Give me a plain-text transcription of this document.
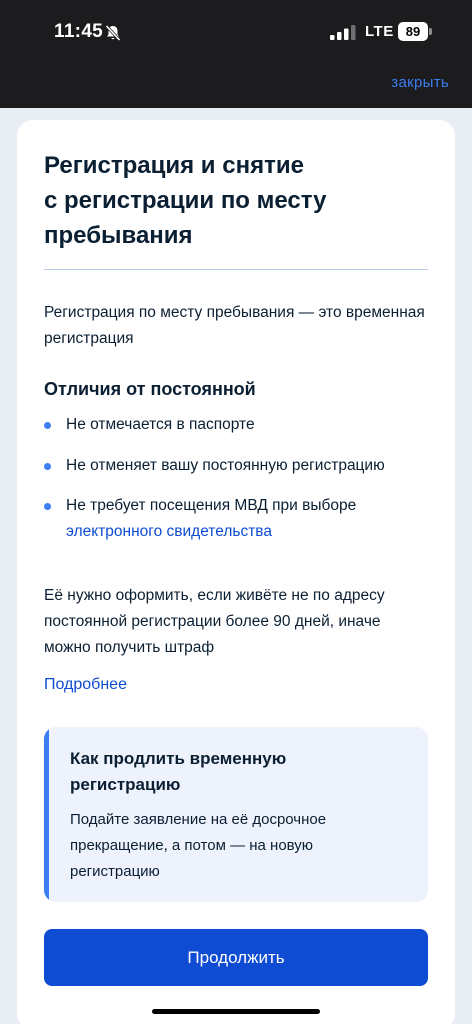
11:45	LTE 89
закрыть
Регистрация и снятие
с регистрации по месту
пребывания

Регистрация по месту пребывания — это временная регистрация

Отличия от постоянной
Не отмечается в паспорте
Не отменяет вашу постоянную регистрацию
Не требует посещения МВД при выборе электронного свидетельства

Её нужно оформить, если живёте не по адресу постоянной регистрации более 90 дней, иначе можно получить штраф

Подробнее
Как продлить временную регистрацию
Подайте заявление на её досрочное прекращение, а потом — на новую регистрацию
Продолжить
